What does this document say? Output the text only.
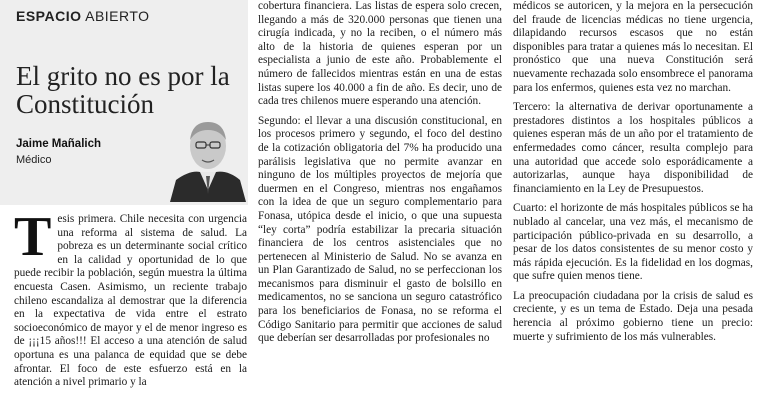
ESPACIO ABIERTO
El grito no es por la Constitución
Jaime Mañalich
Médico

Tesis primera. Chile necesita con urgencia una reforma al sistema de salud. La pobreza es un determinante social crítico en la calidad y oportunidad de lo que puede recibir la población, según muestra la última encuesta Casen. Asimismo, un reciente trabajo chileno escandaliza al demostrar que la diferencia en la expectativa de vida entre el estrato socioeconómico de mayor y el de menor ingreso es de ¡¡¡15 años!!! El acceso a una atención de salud oportuna es una palanca de equidad que se debe afrontar. El foco de este esfuerzo está en la atención a nivel primario y la

cobertura financiera. Las listas de espera solo crecen, llegando a más de 320.000 personas que tienen una cirugía indicada, y no la reciben, o el número más alto de la historia de quienes esperan por un especialista a junio de este año. Probablemente el número de fallecidos mientras están en una de estas listas supere los 40.000 a fin de año. Es decir, uno de cada tres chilenos muere esperando una atención.

Segundo: el llevar a una discusión constitucional, en los procesos primero y segundo, el foco del destino de la cotización obligatoria del 7% ha producido una parálisis legislativa que no permite avanzar en ninguno de los múltiples proyectos de mejoría que duermen en el Congreso, mientras nos engañamos con la idea de que un seguro complementario para Fonasa, utópica desde el inicio, o que una supuesta “ley corta” podría estabilizar la precaria situación financiera de los centros asistenciales que no pertenecen al Ministerio de Salud. No se avanza en un Plan Garantizado de Salud, no se perfeccionan los mecanismos para disminuir el gasto de bolsillo en medicamentos, no se sanciona un seguro catastrófico para los beneficiarios de Fonasa, no se reforma el Código Sanitario para permitir que acciones de salud que deberían ser desarrolladas por profesionales no

médicos se autoricen, y la mejora en la persecución del fraude de licencias médicas no tiene urgencia, dilapidando recursos escasos que no están disponibles para tratar a quienes más lo necesitan. El pronóstico que una nueva Constitución será nuevamente rechazada solo ensombrece el panorama para los enfermos, quienes esta vez no marchan.

Tercero: la alternativa de derivar oportunamente a prestadores distintos a los hospitales públicos a quienes esperan más de un año por el tratamiento de enfermedades como cáncer, resulta complejo para una autoridad que accede solo esporádicamente a autorizarlas, aunque haya disponibilidad de financiamiento en la Ley de Presupuestos.

Cuarto: el horizonte de más hospitales públicos se ha nublado al cancelar, una vez más, el mecanismo de participación público-privada en su desarrollo, a pesar de los datos consistentes de su menor costo y más rápida ejecución. Es la fidelidad en los dogmas, que sufre quien menos tiene.

La preocupación ciudadana por la crisis de salud es creciente, y es un tema de Estado. Deja una pesada herencia al próximo gobierno tiene un precio: muerte y sufrimiento de los más vulnerables.
